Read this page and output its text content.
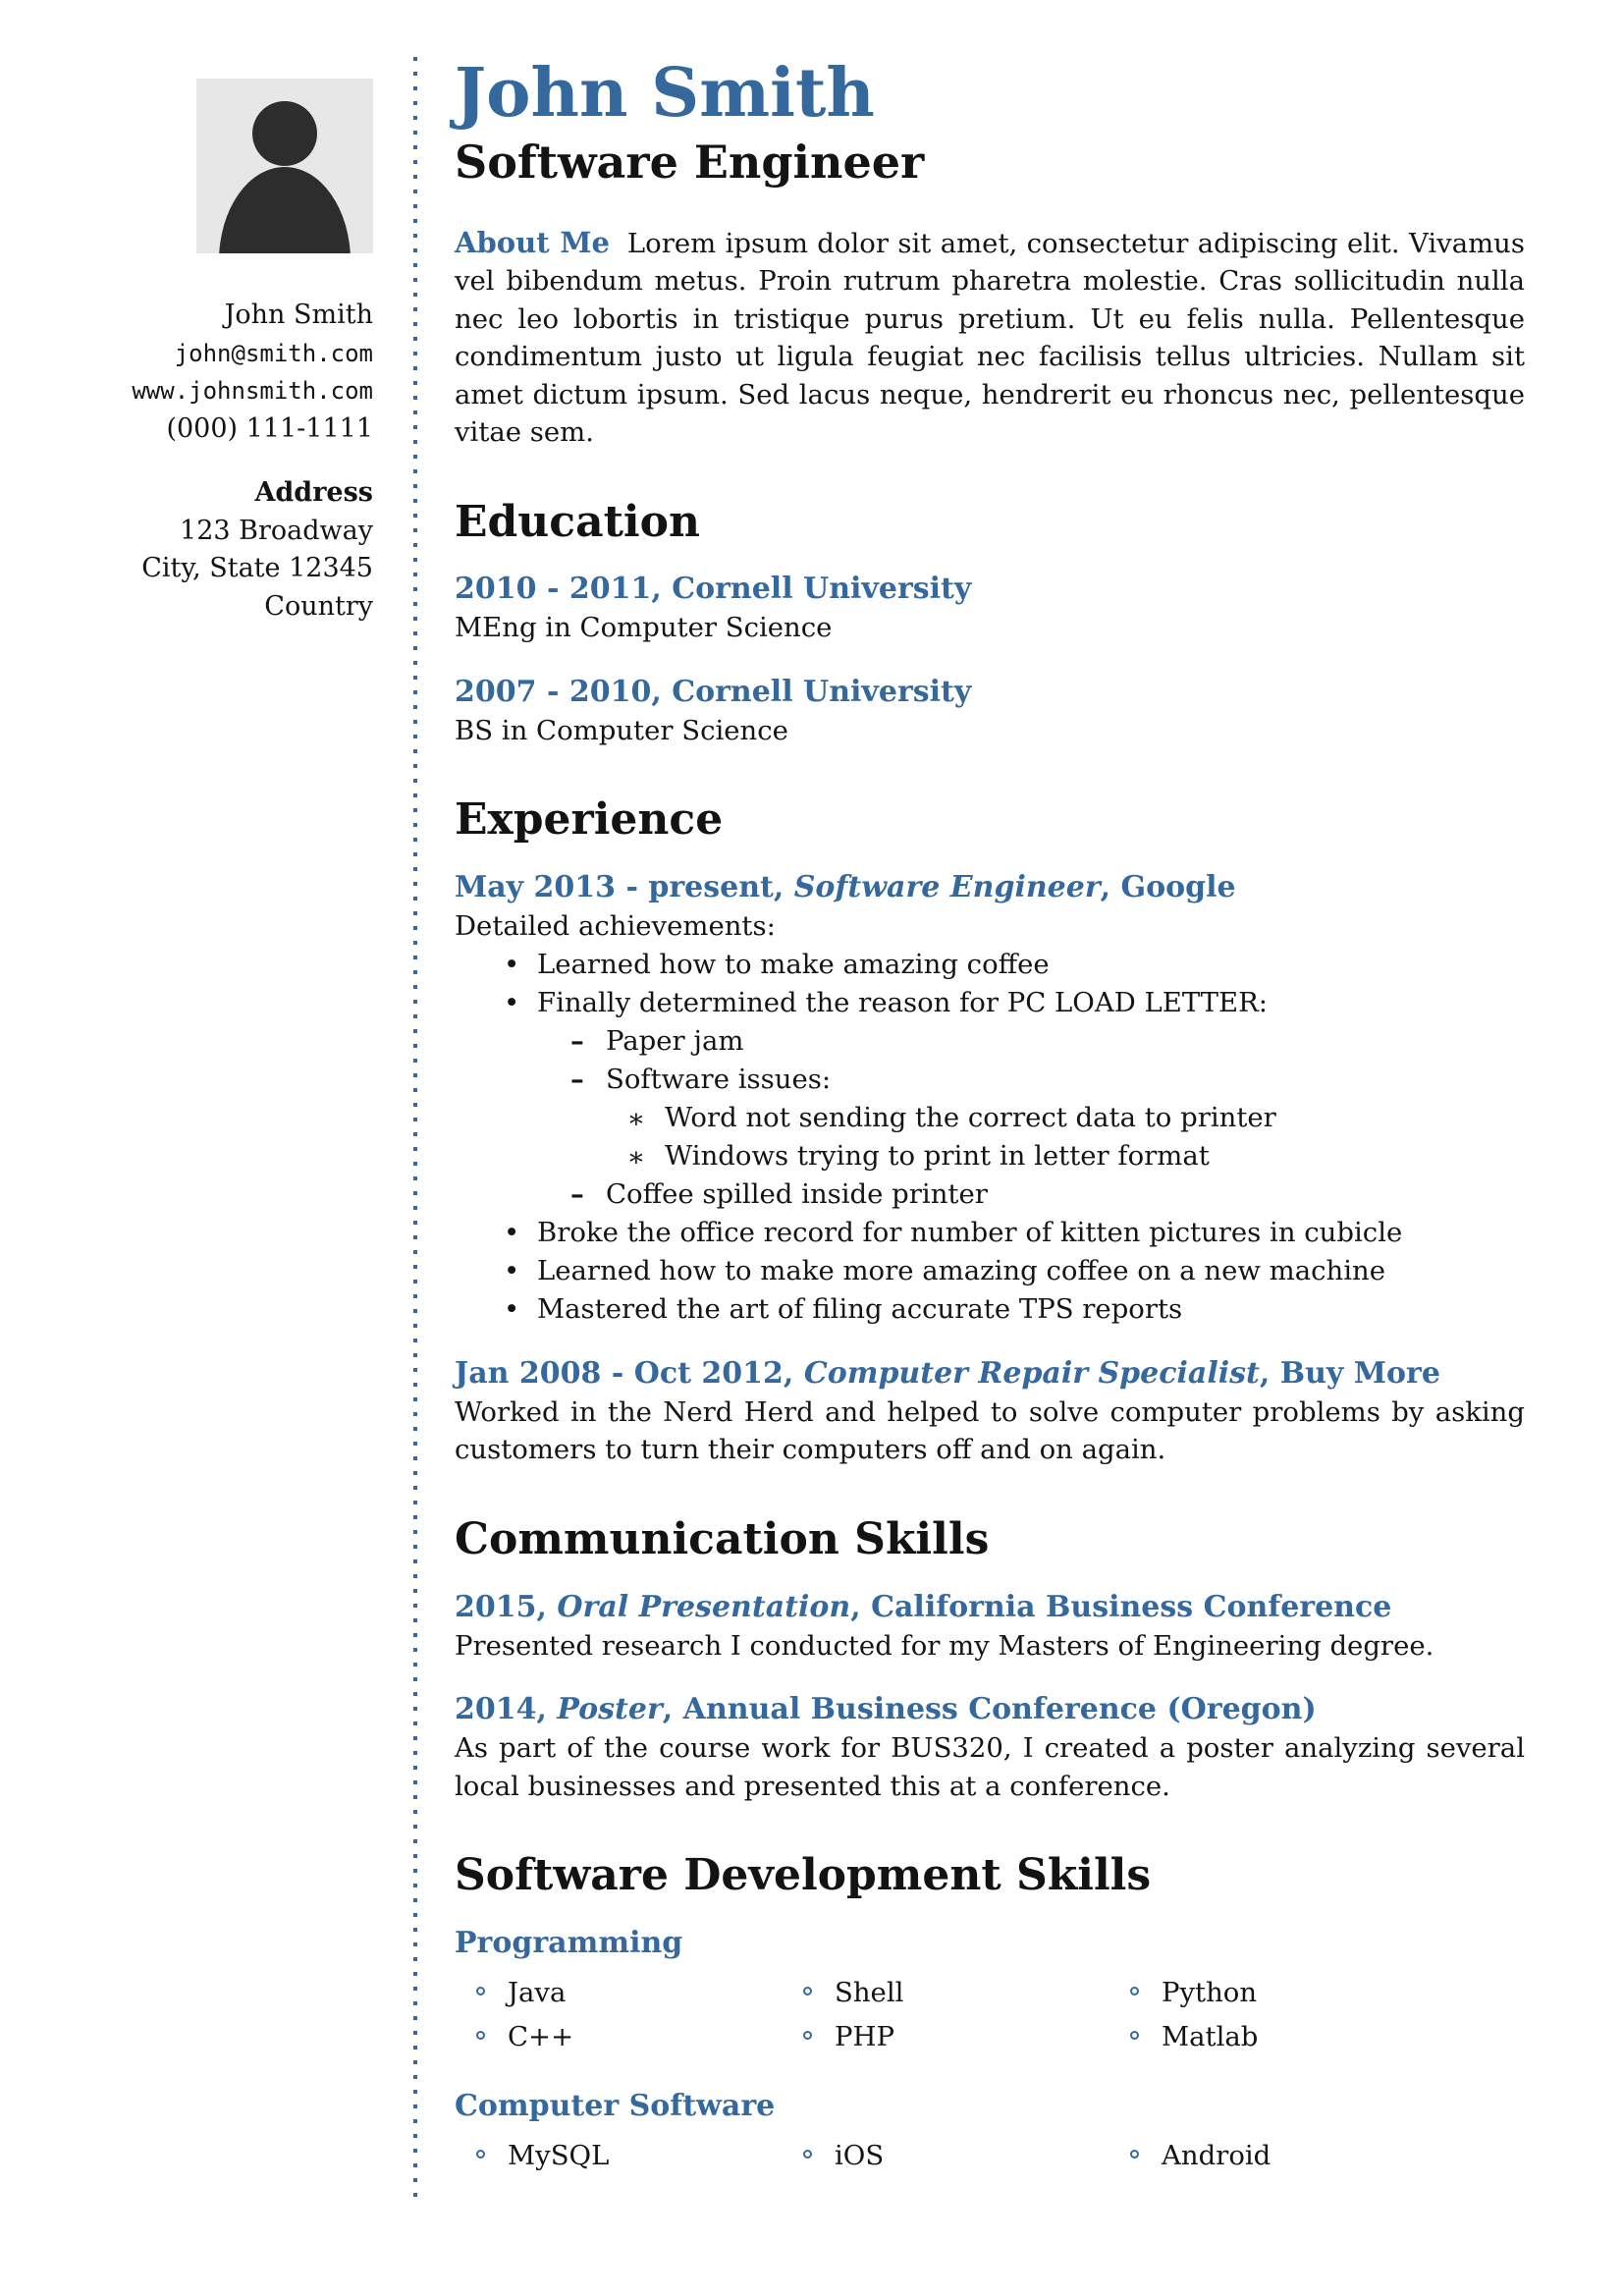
John Smith
john@smith.com
www.johnsmith.com
(000) 111-1111
Address
123 Broadway
City, State 12345
Country
John Smith
Software Engineer

About Me Lorem ipsum dolor sit amet, consectetur adipiscing elit. Vivamus vel bibendum metus. Proin rutrum pharetra molestie. Cras sollicitudin nulla nec leo lobortis in tristique purus pretium. Ut eu felis nulla. Pellentesque condimentum justo ut ligula feugiat nec facilisis tellus ultricies. Nullam sit amet dictum ipsum. Sed lacus neque, hendrerit eu rhoncus nec, pellentesque vitae sem.

Education
2010 - 2011, Cornell University
MEng in Computer Science
2007 - 2010, Cornell University
BS in Computer Science
Experience
May 2013 - present, Software Engineer, Google
Detailed achievements:
• Learned how to make amazing coffee
• Finally determined the reason for PC LOAD LETTER:
– Paper jam
– Software issues:
* Word not sending the correct data to printer
* Windows trying to print in letter format
– Coffee spilled inside printer
• Broke the office record for number of kitten pictures in cubicle
• Learned how to make more amazing coffee on a new machine
• Mastered the art of filing accurate TPS reports
Jan 2008 - Oct 2012, Computer Repair Specialist, Buy More
Worked in the Nerd Herd and helped to solve computer problems by asking customers to turn their computers off and on again.
Communication Skills
2015, Oral Presentation, California Business Conference
Presented research I conducted for my Masters of Engineering degree.
2014, Poster, Annual Business Conference (Oregon)
As part of the course work for BUS320, I created a poster analyzing several local businesses and presented this at a conference.
Software Development Skills
Programming
Java
C++
Shell
PHP
Python
Matlab
Computer Software
MySQL	iOS	Android
